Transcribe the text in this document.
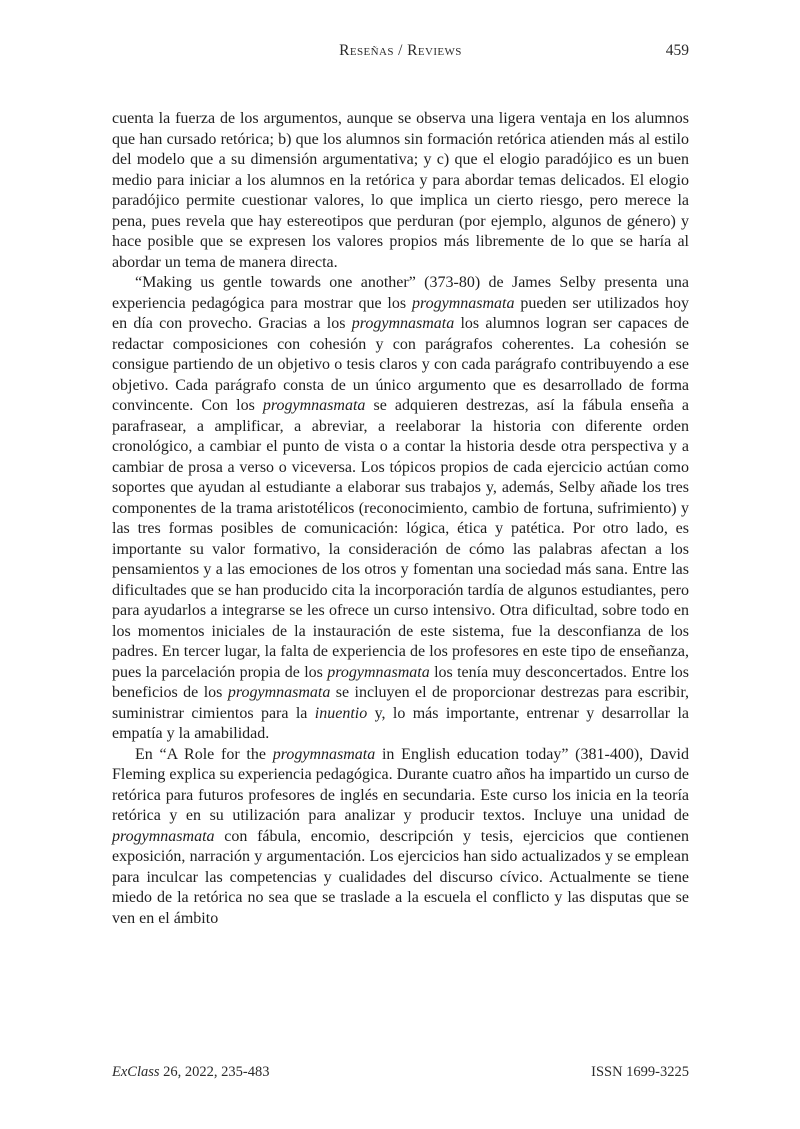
Reseñas / Reviews	459

cuenta la fuerza de los argumentos, aunque se observa una ligera ventaja en los alumnos que han cursado retórica; b) que los alumnos sin formación retórica atienden más al estilo del modelo que a su dimensión argumentativa; y c) que el elogio paradójico es un buen medio para iniciar a los alumnos en la retórica y para abordar temas delicados. El elogio paradójico permite cuestionar valores, lo que implica un cierto riesgo, pero merece la pena, pues revela que hay estereotipos que perduran (por ejemplo, algunos de género) y hace posible que se expresen los valores propios más libremente de lo que se haría al abordar un tema de manera directa.

“Making us gentle towards one another” (373-80) de James Selby presenta una experiencia pedagógica para mostrar que los progymnasmata pueden ser utilizados hoy en día con provecho. Gracias a los progymnasmata los alumnos logran ser capaces de redactar composiciones con cohesión y con parágrafos coherentes. La cohesión se consigue partiendo de un objetivo o tesis claros y con cada parágrafo contribuyendo a ese objetivo. Cada parágrafo consta de un único argumento que es desarrollado de forma convincente. Con los progymnasmata se adquieren destrezas, así la fábula enseña a parafrasear, a amplificar, a abreviar, a reelaborar la historia con diferente orden cronológico, a cambiar el punto de vista o a contar la historia desde otra perspectiva y a cambiar de prosa a verso o viceversa. Los tópicos propios de cada ejercicio actúan como soportes que ayudan al estudiante a elaborar sus trabajos y, además, Selby añade los tres componentes de la trama aristotélicos (reconocimiento, cambio de fortuna, sufrimiento) y las tres formas posibles de comunicación: lógica, ética y patética. Por otro lado, es importante su valor formativo, la consideración de cómo las palabras afectan a los pensamientos y a las emociones de los otros y fomentan una sociedad más sana. Entre las dificultades que se han producido cita la incorporación tardía de algunos estudiantes, pero para ayudarlos a integrarse se les ofrece un curso intensivo. Otra dificultad, sobre todo en los momentos iniciales de la instauración de este sistema, fue la desconfianza de los padres. En tercer lugar, la falta de experiencia de los profesores en este tipo de enseñanza, pues la parcelación propia de los progymnasmata los tenía muy desconcertados. Entre los beneficios de los progymnasmata se incluyen el de proporcionar destrezas para escribir, suministrar cimientos para la inuentio y, lo más importante, entrenar y desarrollar la empatía y la amabilidad.

En “A Role for the progymnasmata in English education today” (381-400), David Fleming explica su experiencia pedagógica. Durante cuatro años ha impartido un curso de retórica para futuros profesores de inglés en secundaria. Este curso los inicia en la teoría retórica y en su utilización para analizar y producir textos. Incluye una unidad de progymnasmata con fábula, encomio, descripción y tesis, ejercicios que contienen exposición, narración y argumentación. Los ejercicios han sido actualizados y se emplean para inculcar las competencias y cualidades del discurso cívico. Actualmente se tiene miedo de la retórica no sea que se traslade a la escuela el conflicto y las disputas que se ven en el ámbito

ExClass 26, 2022, 235-483	ISSN 1699-3225
